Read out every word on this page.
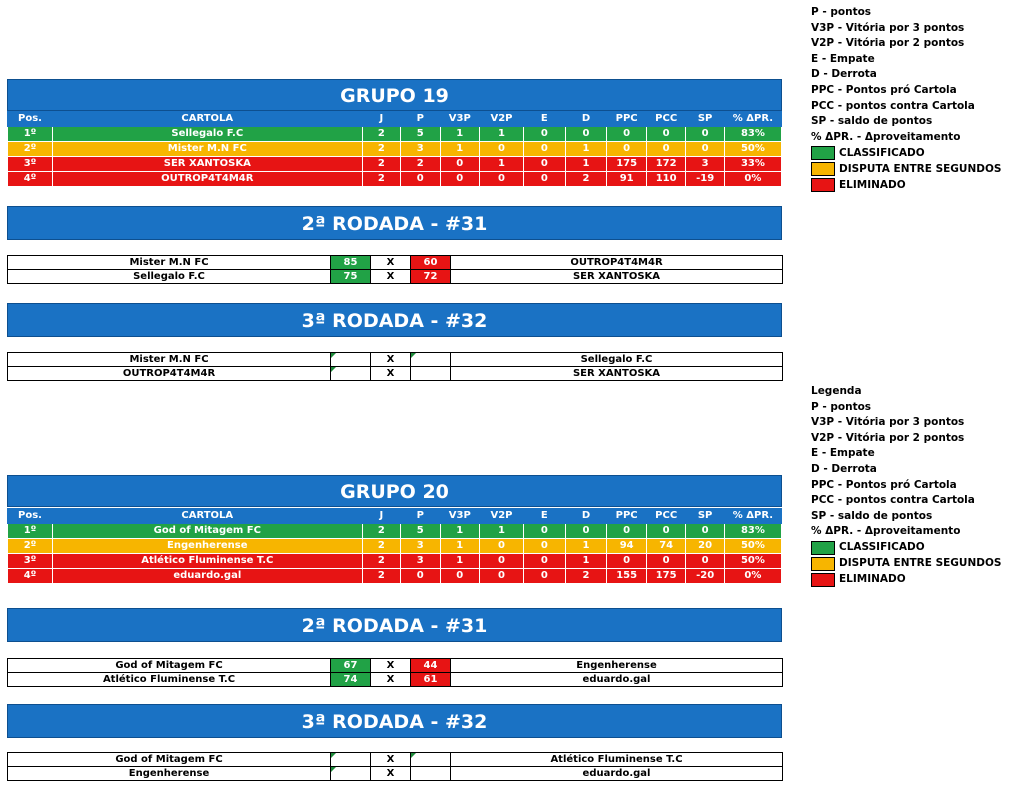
P - pontos
V3P - Vitória por 3 pontos
V2P - Vitória por 2 pontos
E - Empate
D - Derrota
PPC - Pontos pró Cartola
PCC - pontos contra Cartola
SP - saldo de pontos
% ΔPR. - Δproveitamento
CLASSIFICADO
DISPUTA ENTRE SEGUNDOS
ELIMINADO
Legenda
P - pontos
V3P - Vitória por 3 pontos
V2P - Vitória por 2 pontos
E - Empate
D - Derrota
PPC - Pontos pró Cartola
PCC - pontos contra Cartola
SP - saldo de pontos
% ΔPR. - Δproveitamento
CLASSIFICADO
DISPUTA ENTRE SEGUNDOS
ELIMINADO
GRUPO 19
Pos.	CARTOLA	J	P	V3P	V2P	E	D	PPC	PCC	SP	% ΔPR.
1º	Sellegalo F.C	2	5	1	1	0	0	0	0	0	83%
2º	Mister M.N FC	2	3	1	0	0	1	0	0	0	50%
3º	SER XANTOSKA	2	2	0	1	0	1	175	172	3	33%
4º	OUTROP4T4M4R	2	0	0	0	0	2	91	110	-19	0%
2ª RODADA - #31
Mister M.N FC	85	X	60	OUTROP4T4M4R
Sellegalo F.C	75	X	72	SER XANTOSKA
3ª RODADA - #32
Mister M.N FC		X		Sellegalo F.C
OUTROP4T4M4R		X		SER XANTOSKA
GRUPO 20
Pos.	CARTOLA	J	P	V3P	V2P	E	D	PPC	PCC	SP	% ΔPR.
1º	God of Mitagem FC	2	5	1	1	0	0	0	0	0	83%
2º	Engenherense	2	3	1	0	0	1	94	74	20	50%
3º	Atlético Fluminense T.C	2	3	1	0	0	1	0	0	0	50%
4º	eduardo.gal	2	0	0	0	0	2	155	175	-20	0%
2ª RODADA - #31
God of Mitagem FC	67	X	44	Engenherense
Atlético Fluminense T.C	74	X	61	eduardo.gal
3ª RODADA - #32
God of Mitagem FC		X		Atlético Fluminense T.C
Engenherense		X		eduardo.gal
